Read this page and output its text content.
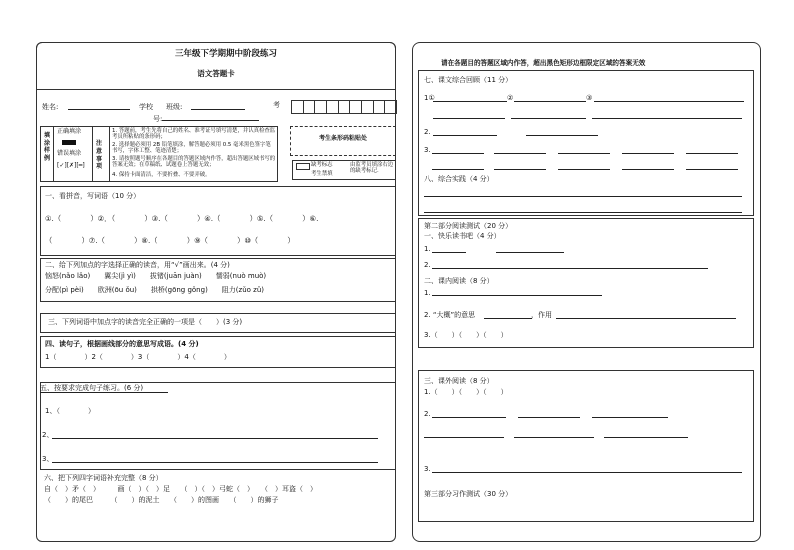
三年级下学期期中阶段练习
语文答题卡
姓名:	学校 班级:	考
号:
填涂样例
正确填涂
错误填涂
[✓][✗][━]
注意事项
1. 答题前，考生先将自己的姓名、准考证号填写清楚，并认真检查监考员所粘贴的条形码；
2. 选择题必须用 2B 铅笔填涂，解答题必须用 0.5 毫米黑色签字笔书写，字体工整、笔迹清楚；
3. 请按照题号顺序在各题目的答题区域内作答，超出答题区域书写的答案无效；在草稿纸、试题卷上答题无效；
4. 保持卡面清洁，不要折叠、不要弄破。
考生条形码粘贴处
缺考标志
考生禁填
由监考员填涂右边的缺考标记.
一、看拼音，写词语（10 分）
①.（　　　　）②．（　　　　）③.（　　　　）④.（　　　　）⑤.（　　　　）⑥.
（　　　　）⑦.（　　　　）⑧.（　　　　）⑨（　　　　）⑩（　　　　）
二、给下列加点的字选择正确的读音，用“√”画出来。(4 分)
恼怒(nǎo lǎo)　　翼尖(jì yì)　　拔锗(juān juàn)　　懦弱(nuò muò)
分配(pì pèi)　　欧洲(ōu ǒu)　　拱桥(gōng gǒng)　　阻力(zǔo zǔ)
三、下列词语中加点字的读音完全正确的一项是（　　）(3 分)
四、读句子，根据画线部分的意思写成语。(4 分)
1（　　　　）2（　　　　）3（　　　　）4（　　　　）
五、按要求完成句子练习。(6 分)
1、（　　　　）
2、
3、
六、把下列四字词语补充完整（8 分）
自（　）矛（　）　　　画（　）（　）足　　（　）（　）弓蛇（　）　　（　）耳盗（　）
（　　）的尾巴　　　（　　）的泥土　　（　　）的图画　　（　　）的狮子
请在各题目的答题区域内作答，超出黑色矩形边框限定区域的答案无效
七、课文综合回顾（11 分）
1①	②	③
2.
3.
八、综合实践（4 分）
第二部分阅读测试（20 分）
一、快乐读书吧（4 分）
1.
2.
二、课内阅读（8 分）
1.
2. “大概”的意思	，作用
3.（　　）（　　）（　　）
三、课外阅读（8 分）
1.（　　）（　　）（　　）
2.
3.
第三部分习作测试（30 分）
